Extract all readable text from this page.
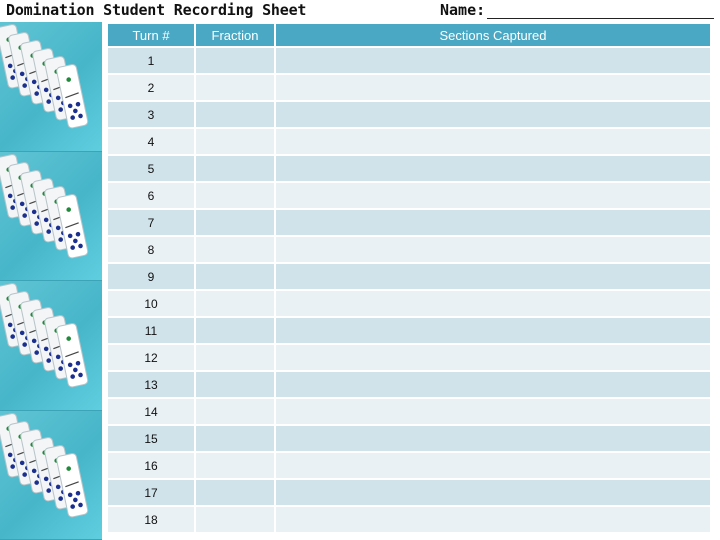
Domination Student Recording Sheet	Name:
Turn #	Fraction	Sections Captured
1		
2		
3		
4		
5		
6		
7		
8		
9		
10		
11		
12		
13		
14		
15		
16		
17		
18		
